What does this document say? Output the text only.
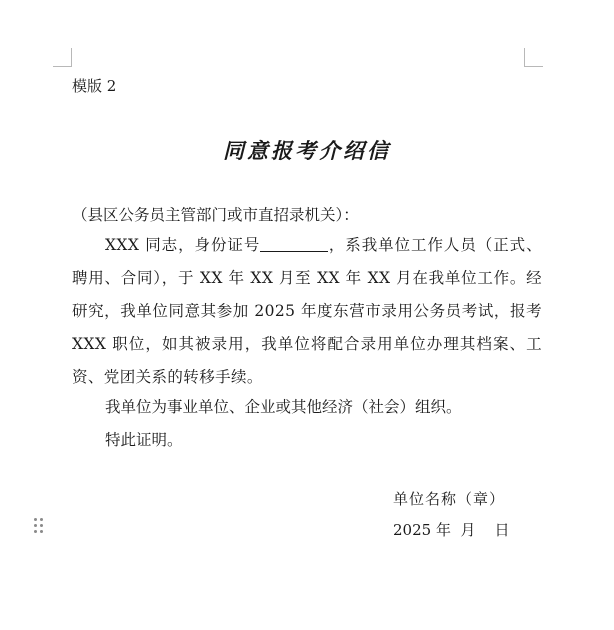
模版 2
同意报考介绍信
（县区公务员主管部门或市直招录机关）：
XXX 同志，身份证号	，系我单位工作人员（正式、聘用、合同），于 XX 年 XX 月至 XX 年 XX 月在我单位工作。经研究，我单位同意其参加 2025 年度东营市录用公务员考试，报考 XXX 职位，如其被录用，我单位将配合录用单位办理其档案、工资、党团关系的转移手续。
我单位为事业单位、企业或其他经济（社会）组织。
特此证明。
单位名称（章）
2025 年  月    日
